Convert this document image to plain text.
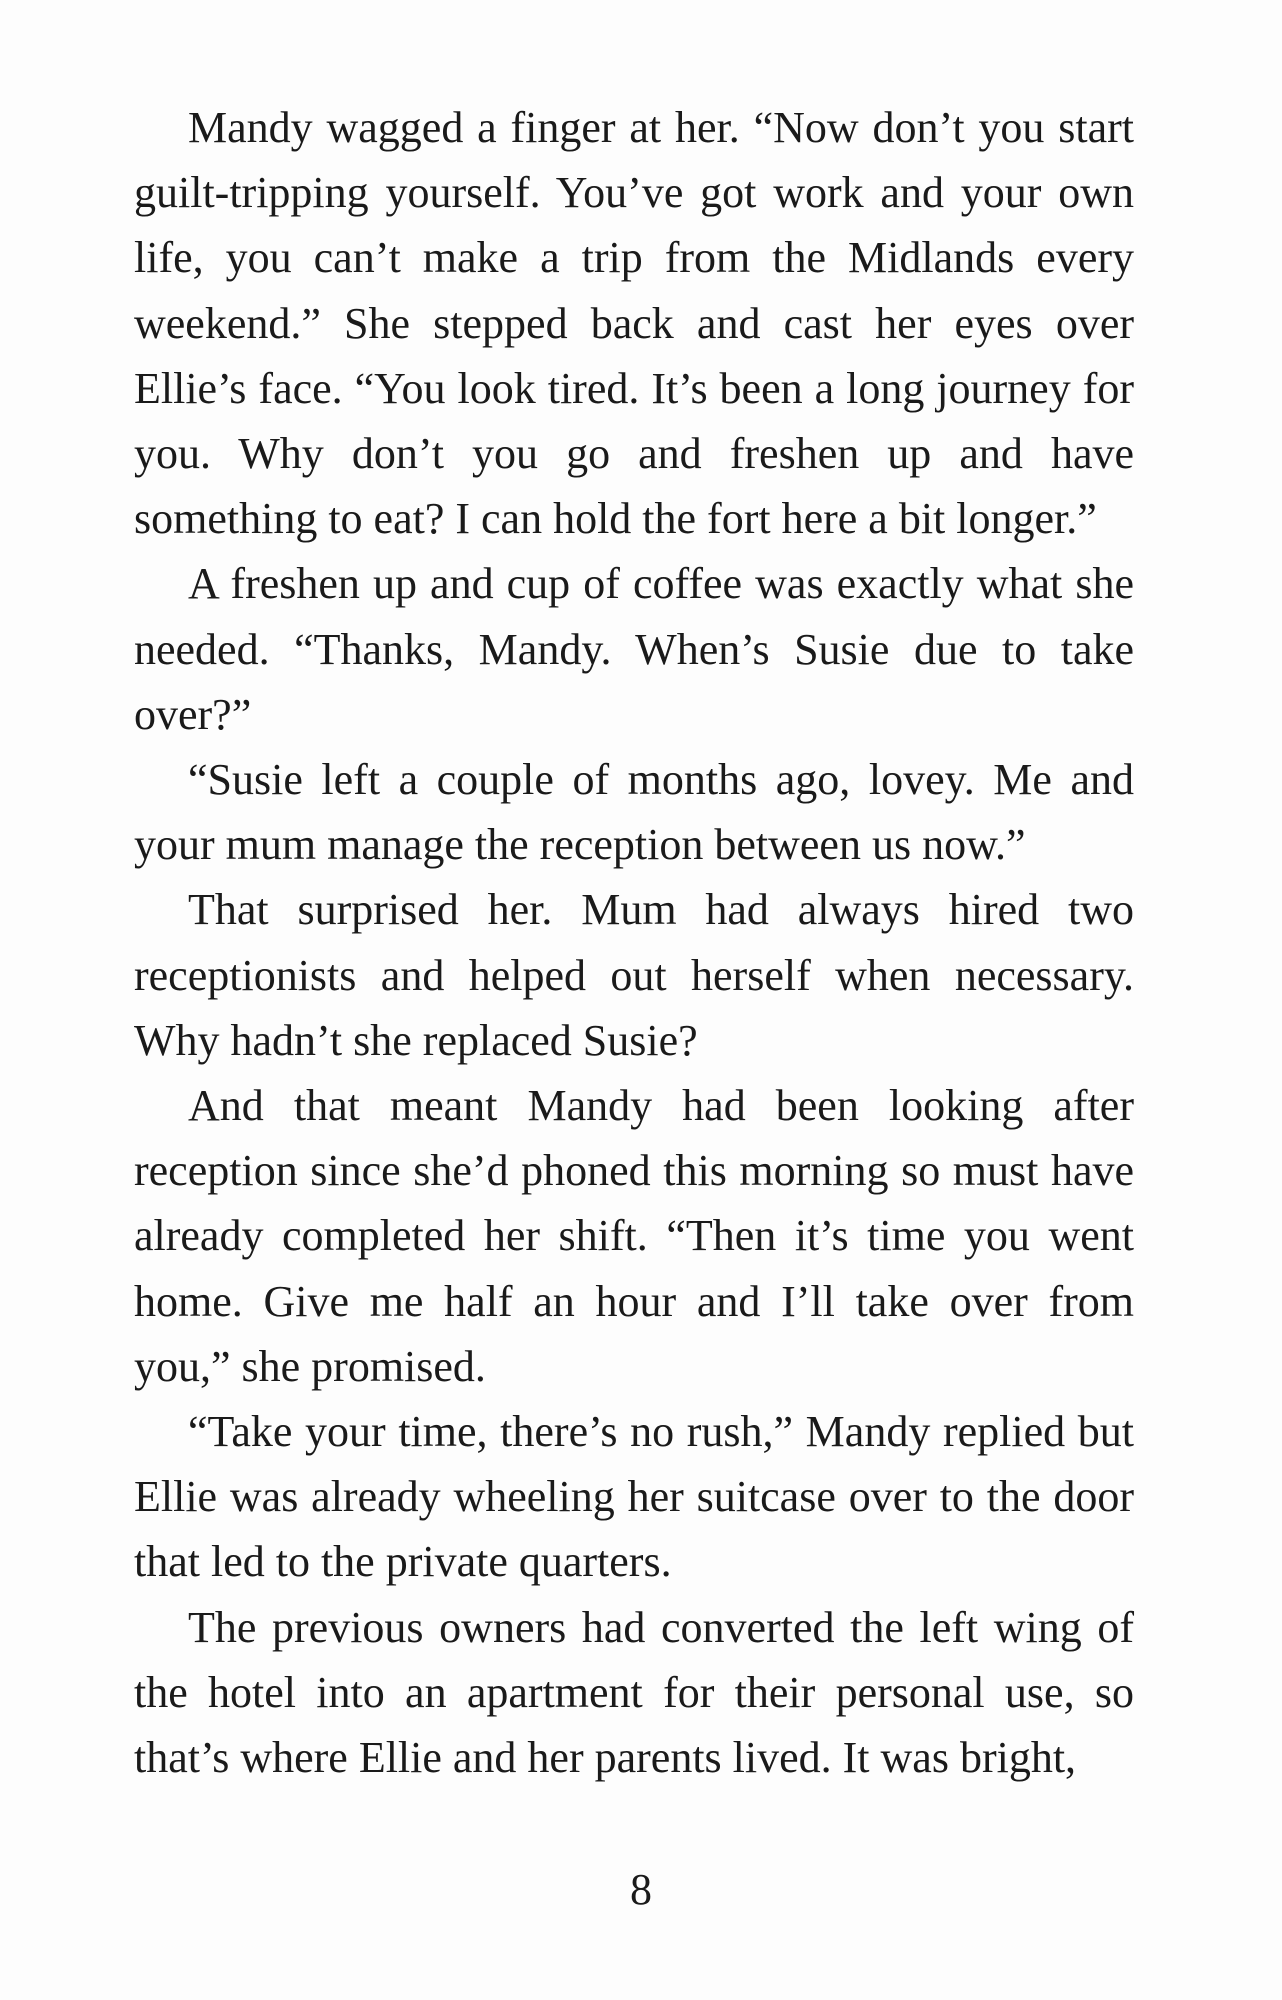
Mandy wagged a finger at her. “Now don’t you start guilt-tripping yourself. You’ve got work and your own life, you can’t make a trip from the Midlands every weekend.” She stepped back and cast her eyes over Ellie’s face. “You look tired. It’s been a long journey for you. Why don’t you go and freshen up and have something to eat? I can hold the fort here a bit longer.”

A freshen up and cup of coffee was exactly what she needed. “Thanks, Mandy. When’s Susie due to take over?”

“Susie left a couple of months ago, lovey. Me and your mum manage the reception between us now.”

That surprised her. Mum had always hired two receptionists and helped out herself when necessary. Why hadn’t she replaced Susie?

And that meant Mandy had been looking after reception since she’d phoned this morning so must have already completed her shift. “Then it’s time you went home. Give me half an hour and I’ll take over from you,” she promised.

“Take your time, there’s no rush,” Mandy replied but Ellie was already wheeling her suitcase over to the door that led to the private quarters.

The previous owners had converted the left wing of the hotel into an apartment for their personal use, so that’s where Ellie and her parents lived. It was bright,

8
